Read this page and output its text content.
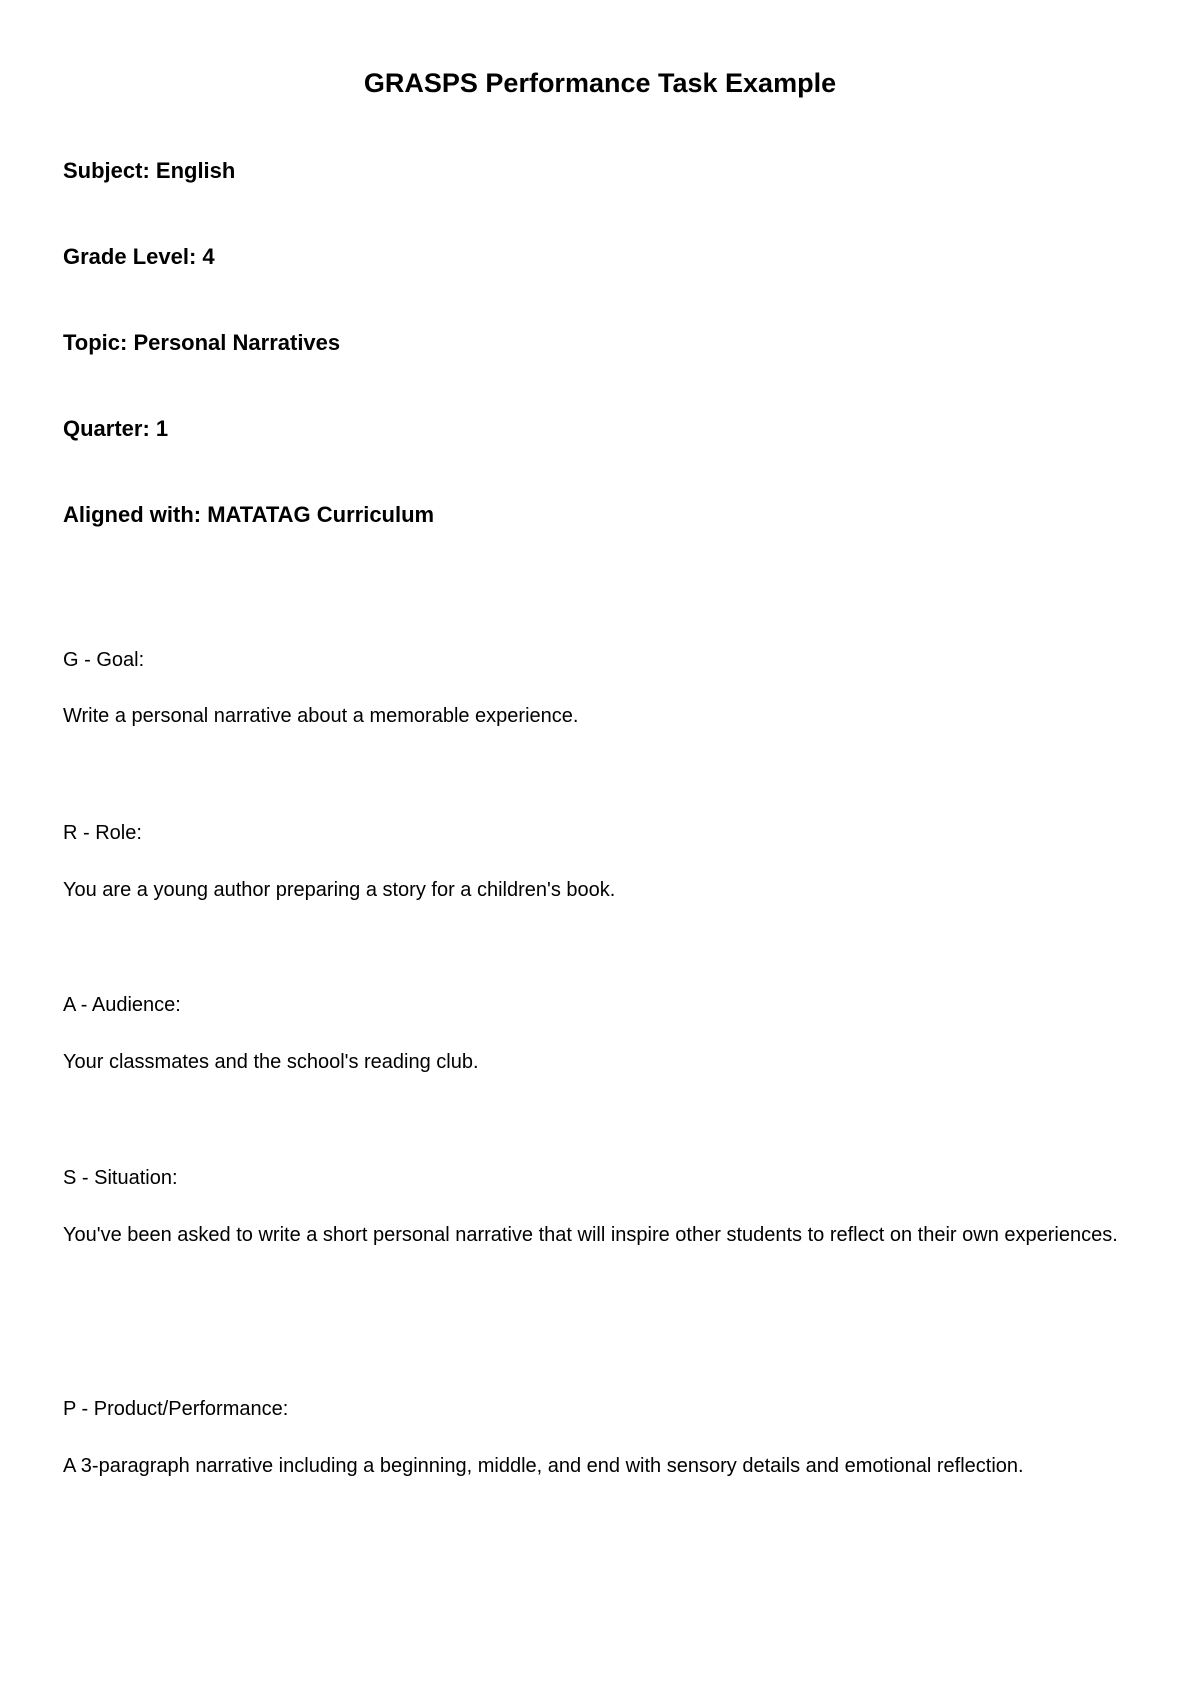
GRASPS Performance Task Example
Subject: English
Grade Level: 4
Topic: Personal Narratives
Quarter: 1
Aligned with: MATATAG Curriculum
G - Goal:
Write a personal narrative about a memorable experience.
R - Role:
You are a young author preparing a story for a children's book.
A - Audience:
Your classmates and the school's reading club.
S - Situation:
You've been asked to write a short personal narrative that will inspire other students to reflect on their own experiences.
P - Product/Performance:
A 3-paragraph narrative including a beginning, middle, and end with sensory details and emotional reflection.
